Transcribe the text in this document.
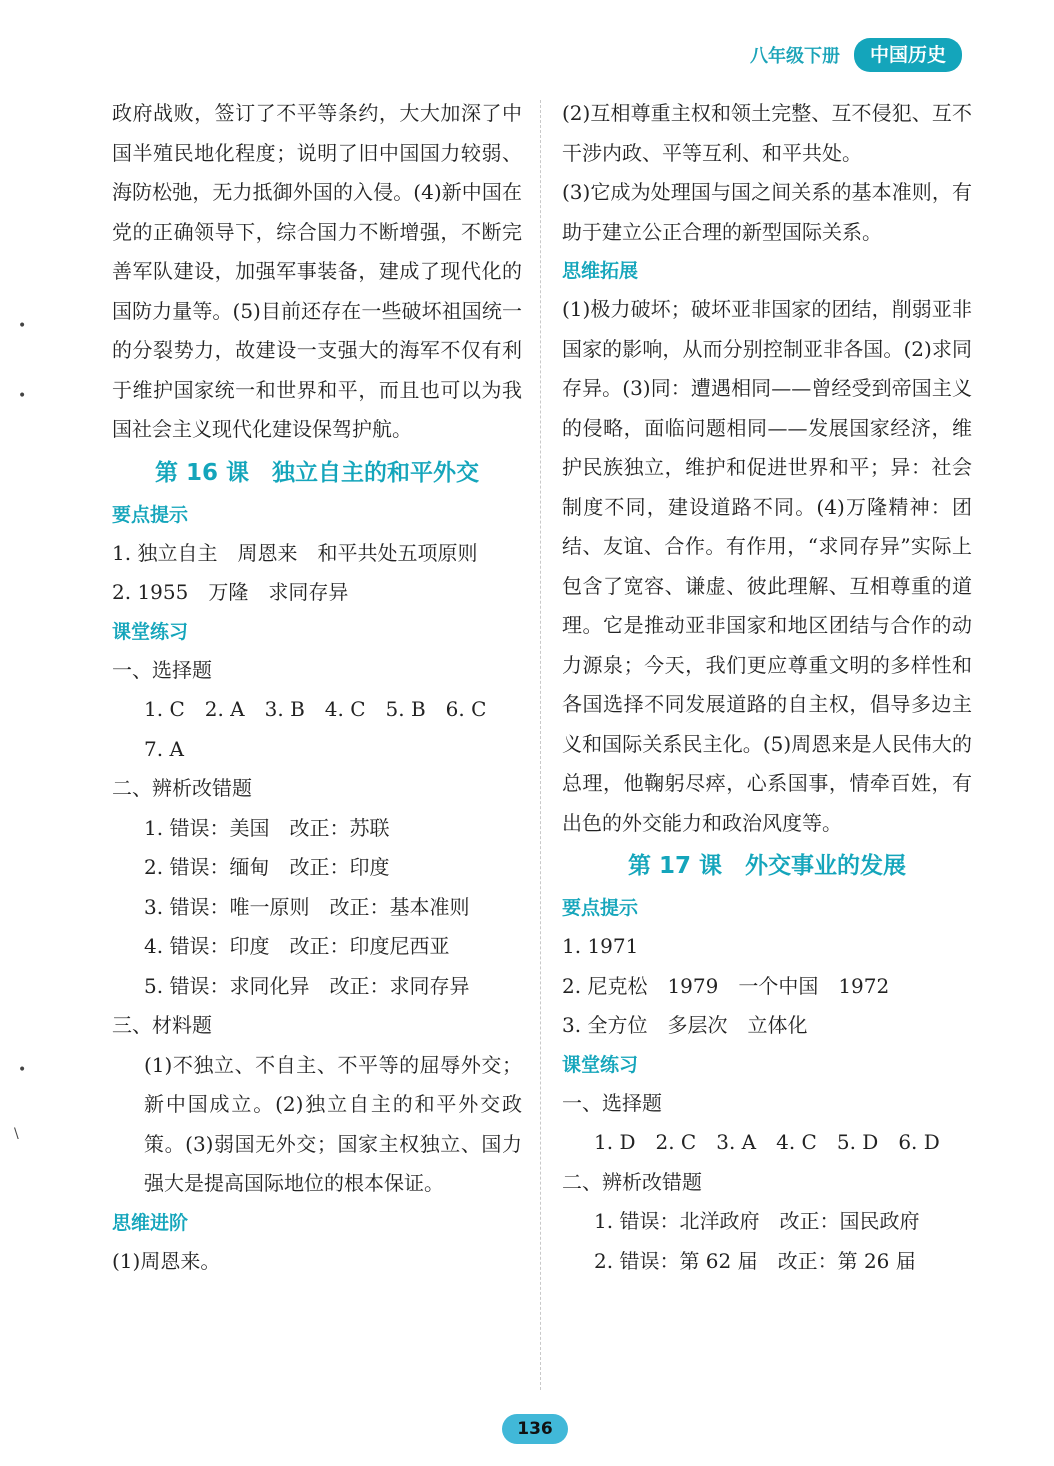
八年级下册	中国历史

政府战败，签订了不平等条约，大大加深了中国半殖民地化程度；说明了旧中国国力较弱、海防松弛，无力抵御外国的入侵。(4)新中国在党的正确领导下，综合国力不断增强，不断完善军队建设，加强军事装备，建成了现代化的国防力量等。(5)目前还存在一些破坏祖国统一的分裂势力，故建设一支强大的海军不仅有利于维护国家统一和世界和平，而且也可以为我国社会主义现代化建设保驾护航。

第 16 课　独立自主的和平外交

要点提示

1. 独立自主　周恩来　和平共处五项原则

2. 1955　万隆　求同存异

课堂练习

一、选择题

1. C　2. A　3. B　4. C　5. B　6. C

7. A

二、辨析改错题

1. 错误：美国　改正：苏联

2. 错误：缅甸　改正：印度

3. 错误：唯一原则　改正：基本准则

4. 错误：印度　改正：印度尼西亚

5. 错误：求同化异　改正：求同存异

三、材料题

(1)不独立、不自主、不平等的屈辱外交；新中国成立。(2)独立自主的和平外交政策。(3)弱国无外交；国家主权独立、国力强大是提高国际地位的根本保证。

思维进阶

(1)周恩来。

(2)互相尊重主权和领土完整、互不侵犯、互不干涉内政、平等互利、和平共处。

(3)它成为处理国与国之间关系的基本准则，有助于建立公正合理的新型国际关系。

思维拓展

(1)极力破坏；破坏亚非国家的团结，削弱亚非国家的影响，从而分别控制亚非各国。(2)求同存异。(3)同：遭遇相同——曾经受到帝国主义的侵略，面临问题相同——发展国家经济，维护民族独立，维护和促进世界和平；异：社会制度不同，建设道路不同。(4)万隆精神：团结、友谊、合作。有作用，“求同存异”实际上包含了宽容、谦虚、彼此理解、互相尊重的道理。它是推动亚非国家和地区团结与合作的动力源泉；今天，我们更应尊重文明的多样性和各国选择不同发展道路的自主权，倡导多边主义和国际关系民主化。(5)周恩来是人民伟大的总理，他鞠躬尽瘁，心系国事，情牵百姓，有出色的外交能力和政治风度等。

第 17 课　外交事业的发展

要点提示

1. 1971

2. 尼克松　1979　一个中国　1972

3. 全方位　多层次　立体化

课堂练习

一、选择题

1. D　2. C　3. A　4. C　5. D　6. D

二、辨析改错题

1. 错误：北洋政府　改正：国民政府

2. 错误：第 62 届　改正：第 26 届

•
•
•
\
136
